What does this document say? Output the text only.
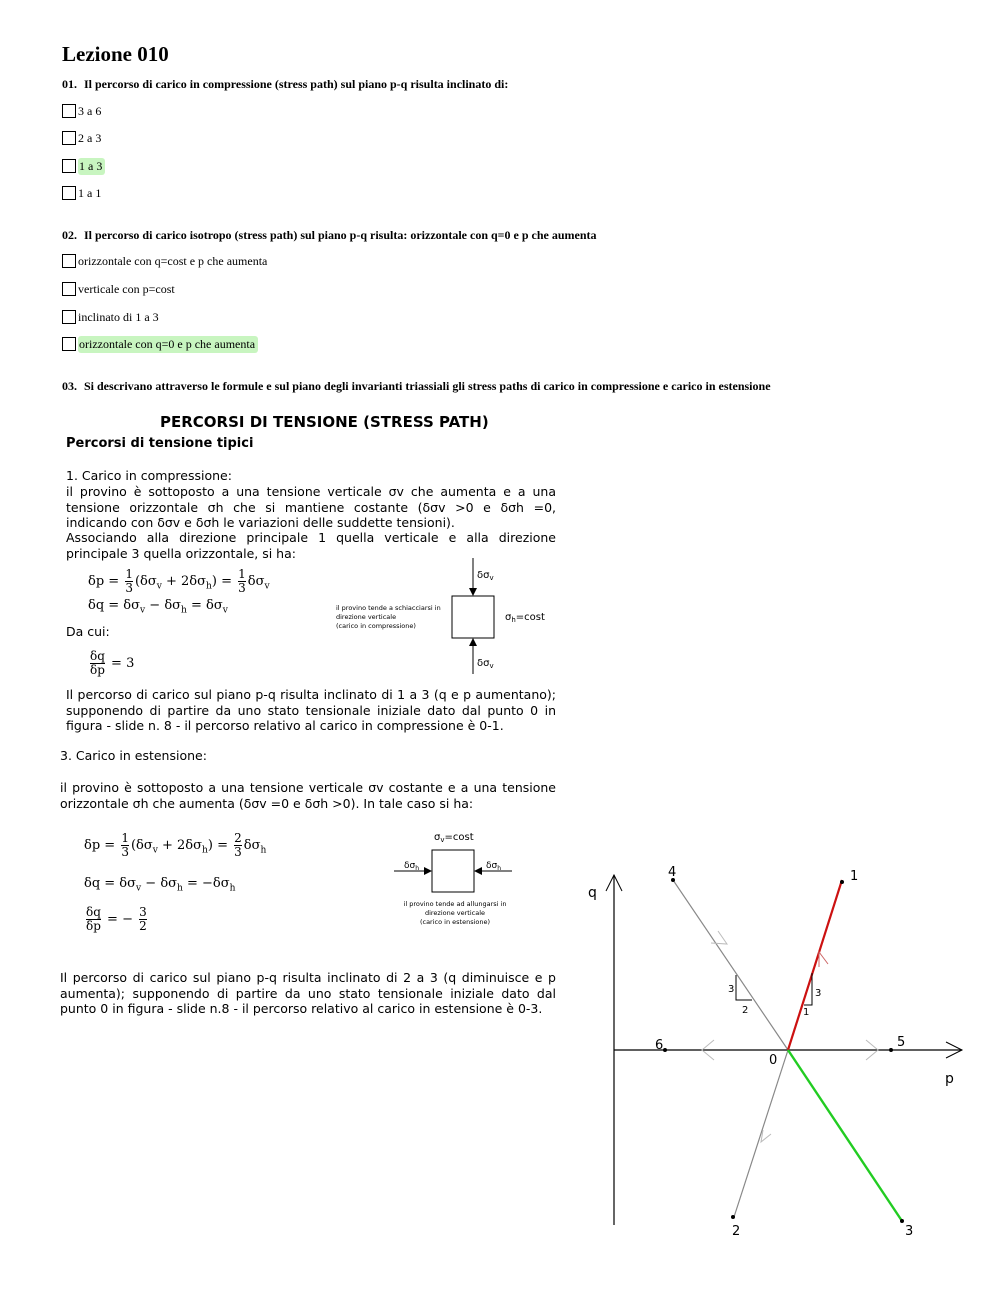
Lezione 010
01. Il percorso di carico in compressione (stress path) sul piano p-q risulta inclinato di:
3 a 6
2 a 3
1 a 3
1 a 1
02. Il percorso di carico isotropo (stress path) sul piano p-q risulta: orizzontale con q=0 e p che aumenta
orizzontale con q=cost e p che aumenta
verticale con p=cost
inclinato di 1 a 3
orizzontale con q=0 e p che aumenta
03. Si descrivano attraverso le formule e sul piano degli invarianti triassiali gli stress paths di carico in compressione e carico in estensione
PERCORSI DI TENSIONE (STRESS PATH)
Percorsi di tensione tipici
1. Carico in compressione:
il provino è sottoposto a una tensione verticale σv che aumenta e a una tensione orizzontale σh che si mantiene costante (δσv >0 e δσh =0, indicando con δσv e δσh le variazioni delle suddette tensioni).
Associando alla direzione principale 1 quella verticale e alla direzione principale 3 quella orizzontale, si ha:
$\delta p = \frac{1}{3} (\delta\sigma_v + 2\delta\sigma_h) = \frac{1}{3} \delta\sigma_v$
$\delta q = \delta\sigma_v - \delta\sigma_h = \delta\sigma_v$
Da cui:
$\frac{\delta q}{\delta p} = 3$
$\delta\sigma_v$
$\delta\sigma_v$
$\sigma_h=\cos t$
il provino tende a schiacciarsi in
direzione verticale
(carico in compressione)
Il percorso di carico sul piano p-q risulta inclinato di 1 a 3 (q e p aumentano); supponendo di partire da uno stato tensionale iniziale dato dal punto 0 in figura - slide n. 8 - il percorso relativo al carico in compressione è 0-1.
3. Carico in estensione:
il provino è sottoposto a una tensione verticale σv costante e a una tensione orizzontale σh che aumenta (δσv =0 e δσh >0). In tale caso si ha:
$\delta p = \frac{1}{3} (\delta\sigma_v + 2\delta\sigma_h) = \frac{2}{3} \delta\sigma_h$
$\delta q = \delta\sigma_v - \delta\sigma_h = -\delta\sigma_h$
$\frac{\delta q}{\delta p}$ = − $\frac{3}{2}$
$\sigma_v=\cos t$
$\delta\sigma_h$	$\delta\sigma_h$
il provino tende ad allungarsi in
direzione verticale
(carico in estensione)
Il percorso di carico sul piano p-q risulta inclinato di 2 a 3 (q diminuisce e p aumenta); supponendo di partire da uno stato tensionale iniziale dato dal punto 0 in figura - slide n.8 - il percorso relativo al carico in estensione è 0-3.
q
p
3
2
3
1
1
2	3
4
5
6
0
